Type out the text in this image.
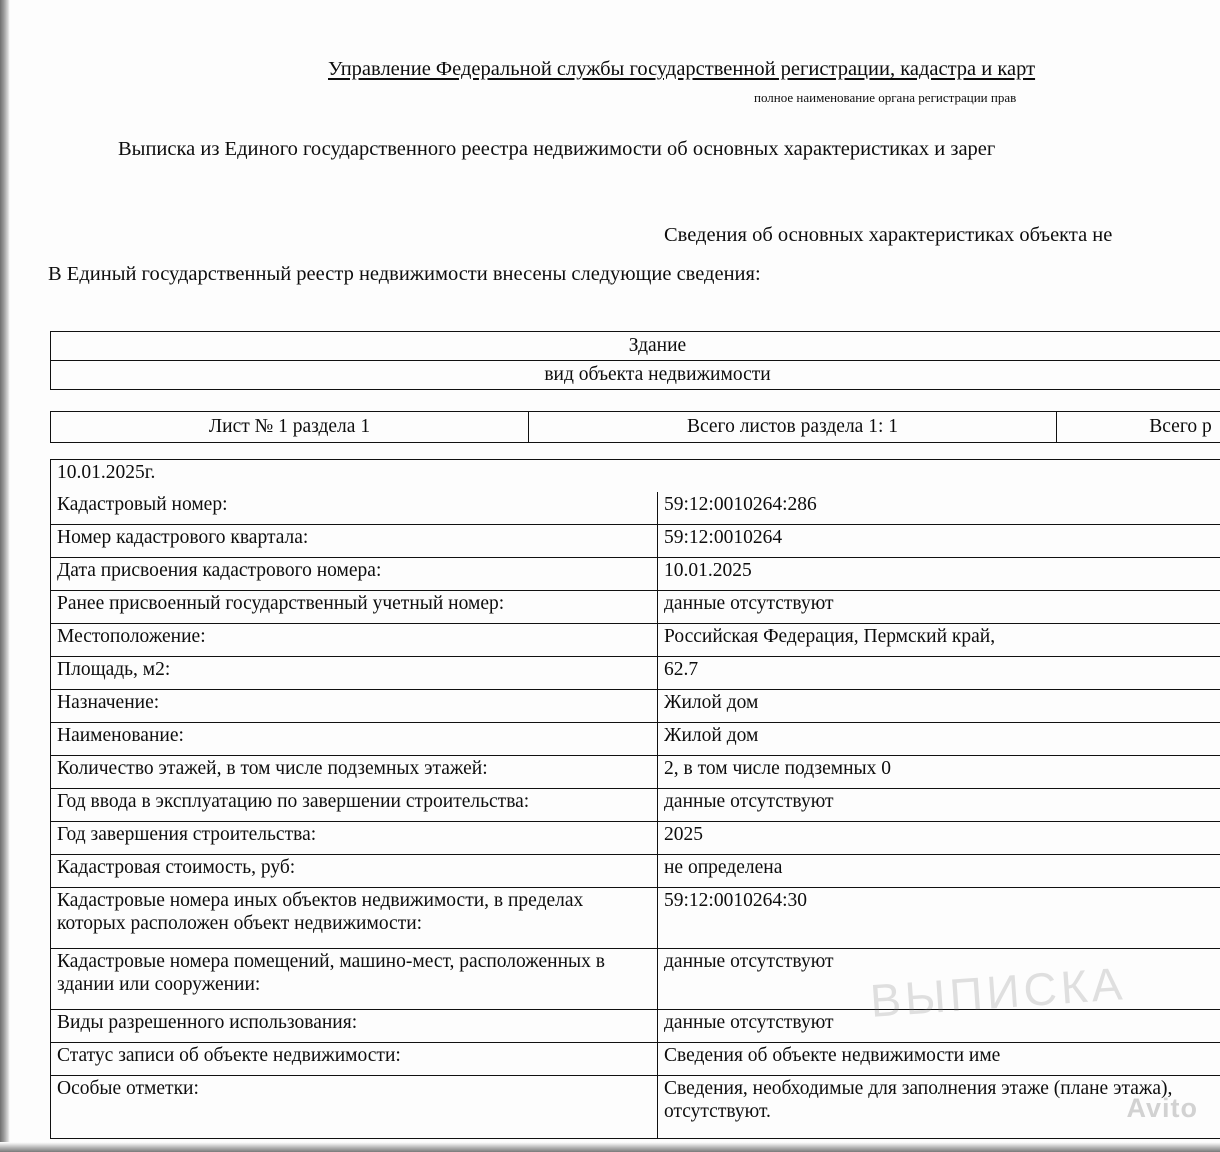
Управление Федеральной службы государственной регистрации, кадастра и карт
полное наименование органа регистрации прав
Выписка из Единого государственного реестра недвижимости об основных характеристиках и зарег
Сведения об основных характеристиках объекта не
В Единый государственный реестр недвижимости внесены следующие сведения:
Здание
вид объекта недвижимости
Лист № 1 раздела 1	Всего листов раздела 1: 1	Всего р
10.01.2025г.	
Кадастровый номер:	59:12:0010264:286
Номер кадастрового квартала:	59:12:0010264
Дата присвоения кадастрового номера:	10.01.2025
Ранее присвоенный государственный учетный номер:	данные отсутствуют
Местоположение:	Российская Федерация, Пермский край,
Площадь, м2:	62.7
Назначение:	Жилой дом
Наименование:	Жилой дом
Количество этажей, в том числе подземных этажей:	2, в том числе подземных 0
Год ввода в эксплуатацию по завершении строительства:	данные отсутствуют
Год завершения строительства:	2025
Кадастровая стоимость, руб:	не определена
Кадастровые номера иных объектов недвижимости, в пределах которых расположен объект недвижимости:	59:12:0010264:30
Кадастровые номера помещений, машино-мест, расположенных в здании или сооружении:	данные отсутствуют
Виды разрешенного использования:	данные отсутствуют
Статус записи об объекте недвижимости:	Сведения об объекте недвижимости име
Особые отметки:	Сведения, необходимые для заполнения этаже (плане этажа), отсутствуют.
ВЫПИСКА
Avito
